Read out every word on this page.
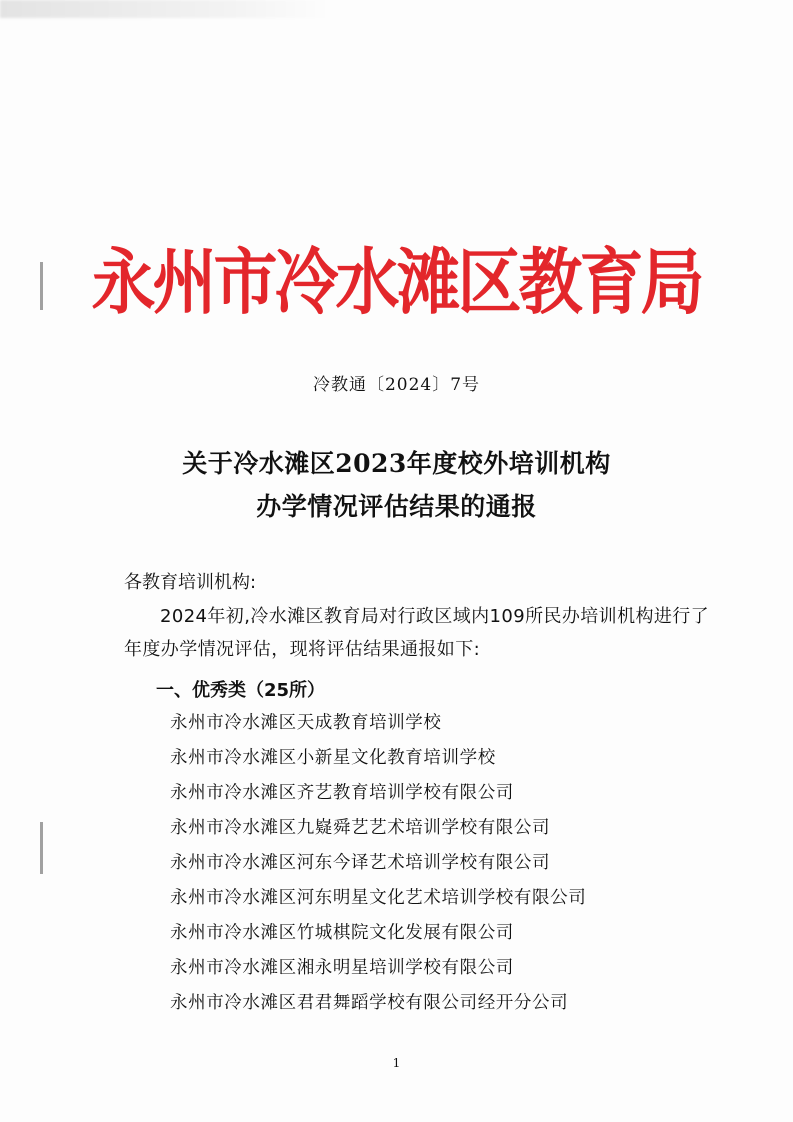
永州市冷水滩区教育局
冷教通〔2024〕7号
关于冷水滩区2023年度校外培训机构
办学情况评估结果的通报
各教育培训机构:
2024年初,冷水滩区教育局对行政区域内109所民办培训机构进行了年度办学情况评估，现将评估结果通报如下:
一、优秀类（25所）
永州市冷水滩区天成教育培训学校
永州市冷水滩区小新星文化教育培训学校
永州市冷水滩区齐艺教育培训学校有限公司
永州市冷水滩区九嶷舜艺艺术培训学校有限公司
永州市冷水滩区河东今译艺术培训学校有限公司
永州市冷水滩区河东明星文化艺术培训学校有限公司
永州市冷水滩区竹城棋院文化发展有限公司
永州市冷水滩区湘永明星培训学校有限公司
永州市冷水滩区君君舞蹈学校有限公司经开分公司
1
